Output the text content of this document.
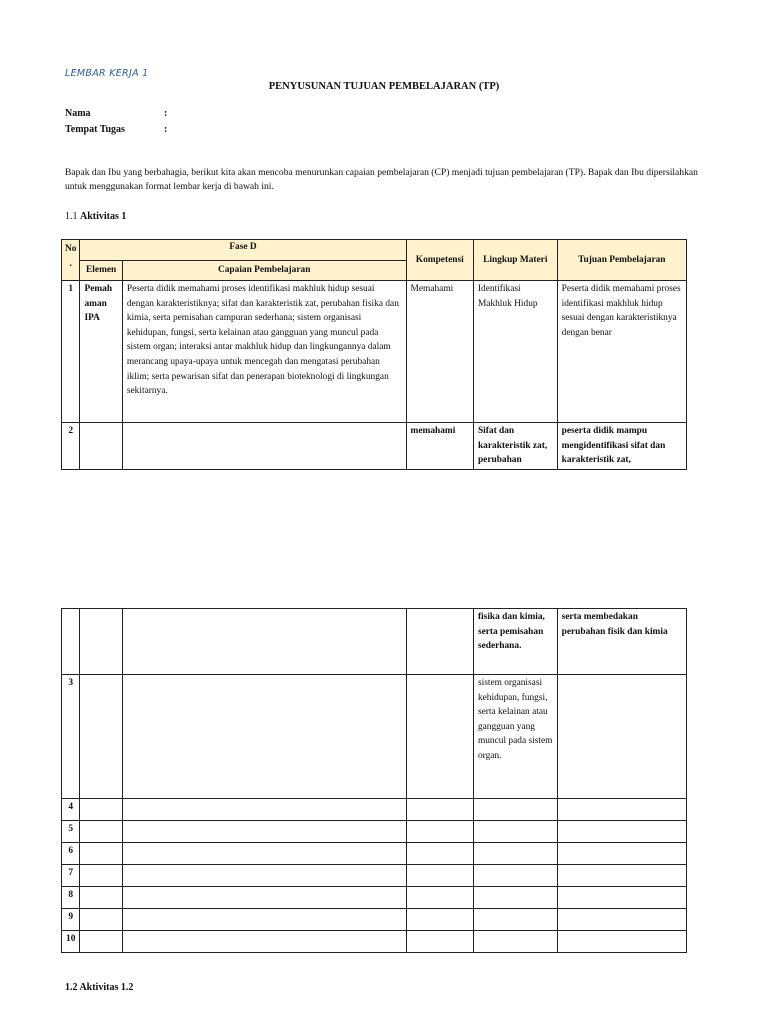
LEMBAR KERJA 1
PENYUSUNAN TUJUAN PEMBELAJARAN (TP)
Nama	:
Tempat Tugas	:
Bapak dan Ibu yang berbahagia, berikut kita akan mencoba menurunkan capaian pembelajaran (CP) menjadi tujuan pembelajaran (TP). Bapak dan Ibu dipersilahkan untuk menggunakan format lembar kerja di bawah ini.
1.1 Aktivitas 1
No .	Fase D		Kompetensi	Lingkup Materi	Tujuan Pembelajaran
	Elemen	Capaian Pembelajaran			
1	Pemah aman IPA	Peserta didik memahami proses identifikasi makhluk hidup sesuai dengan karakteristiknya; sifat dan karakteristik zat, perubahan fisika dan kimia, serta pemisahan campuran sederhana; sistem organisasi kehidupan, fungsi, serta kelainan atau gangguan yang muncul pada sistem organ; interaksi antar makhluk hidup dan lingkungannya dalam merancang upaya-upaya untuk mencegah dan mengatasi perubahan iklim; serta pewarisan sifat dan penerapan bioteknologi di lingkungan sekitarnya.	Memahami	Identifikasi Makhluk Hidup	Peserta didik memahami proses identifikasi makhluk hidup sesuai dengan karakteristiknya dengan benar
2			memahami	Sifat dan karakteristik zat, perubahan	peserta didik mampu mengidentifikasi sifat dan karakteristik zat,
				fisika dan kimia, serta pemisahan sederhana.	serta membedakan perubahan fisik dan kimia
3				sistem organisasi kehidupan, fungsi, serta kelainan atau gangguan yang muncul pada sistem organ.	
4					
5					
6					
7					
8					
9					
10					
1.2 Aktivitas 1.2
